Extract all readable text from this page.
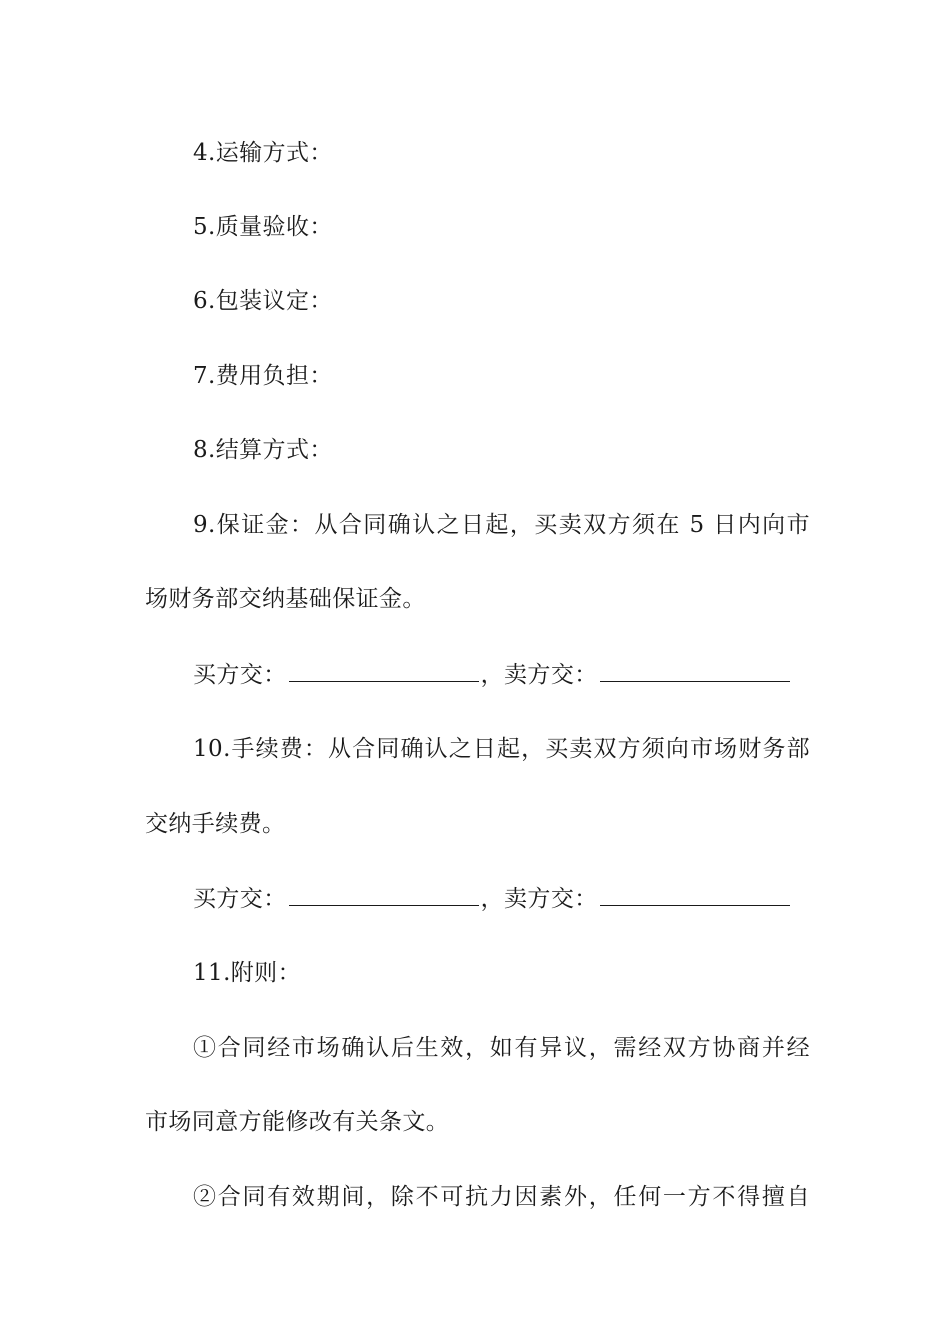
4.运输方式：
5.质量验收：
6.包装议定：
7.费用负担：
8.结算方式：
9.保证金：从合同确认之日起，买卖双方须在 5 日内向市
场财务部交纳基础保证金。
买方交：	，卖方交：
10.手续费：从合同确认之日起，买卖双方须向市场财务部
交纳手续费。
买方交：	，卖方交：
11.附则：
①合同经市场确认后生效，如有异议，需经双方协商并经
市场同意方能修改有关条文。
②合同有效期间，除不可抗力因素外，任何一方不得擅自
